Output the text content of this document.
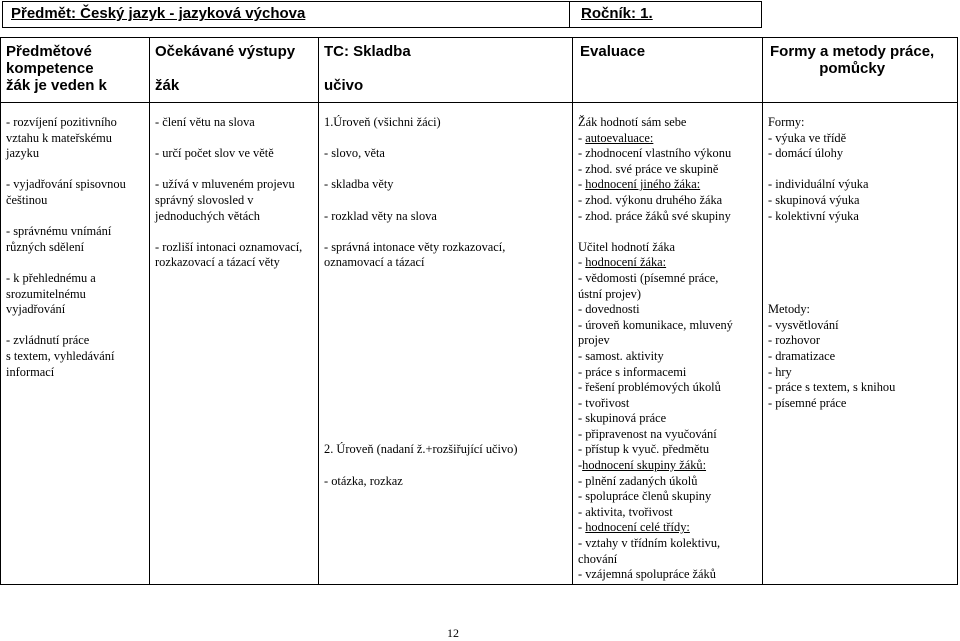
Předmět: Český jazyk - jazyková výchova	Ročník: 1.
Předmětové
kompetence
žák je veden k
Očekávané výstupy
žák
TC: Skladba
učivo
Evaluace	Formy a metody práce,
pomůcky
- rozvíjení pozitivního
vztahu k mateřskému
jazyku
- vyjadřování spisovnou
češtinou
- správnému vnímání
různých sdělení
- k přehlednému a
srozumitelnému
vyjadřování
- zvládnutí práce
s textem, vyhledávání
informací
- člení větu na slova
- určí počet slov ve větě
- užívá v mluveném projevu
správný slovosled v
jednoduchých větách
- rozliší intonaci oznamovací,
rozkazovací a tázací věty
1.Úroveň (všichni žáci)
- slovo, věta
- skladba věty
- rozklad věty na slova
- správná intonace věty rozkazovací,
oznamovací a tázací
2. Úroveň (nadaní ž.+rozšiřující učivo)
- otázka, rozkaz
Žák hodnotí sám sebe
- autoevaluace:
- zhodnocení vlastního výkonu
- zhod. své práce ve skupině
- hodnocení jiného žáka:
- zhod. výkonu druhého žáka
- zhod. práce žáků své skupiny
Učitel hodnotí žáka
- hodnocení žáka:
- vědomosti (písemné práce,
ústní projev)
- dovednosti
- úroveň komunikace, mluvený
projev
- samost. aktivity
- práce s informacemi
- řešení problémových úkolů
- tvořivost
- skupinová práce
- připravenost na vyučování
- přístup k vyuč. předmětu
-hodnocení skupiny žáků:
- plnění zadaných úkolů
- spolupráce členů skupiny
- aktivita, tvořivost
- hodnocení celé třídy:
- vztahy v třídním kolektivu,
chování
- vzájemná spolupráce žáků
Formy:
- výuka ve třídě
- domácí úlohy
- individuální výuka
- skupinová výuka
- kolektivní výuka
Metody:
- vysvětlování
- rozhovor
- dramatizace
- hry
- práce s textem, s knihou
- písemné práce
12
